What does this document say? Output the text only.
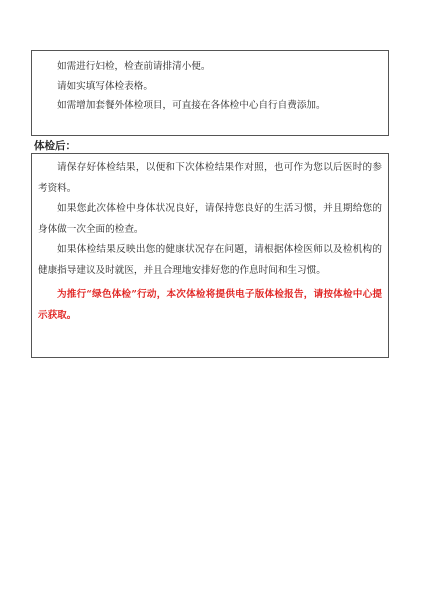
如需进行妇检，检查前请排清小便。

请如实填写体检表格。

如需增加套餐外体检项目，可直接在各体检中心自行自费添加。

体检后：

请保存好体检结果，以便和下次体检结果作对照，也可作为您以后医时的参考资料。

如果您此次体检中身体状况良好，请保持您良好的生活习惯，并且期给您的身体做一次全面的检查。

如果体检结果反映出您的健康状况存在问题，请根据体检医师以及检机构的健康指导建议及时就医，并且合理地安排好您的作息时间和生习惯。

为推行“绿色体检”行动，本次体检将提供电子版体检报告，请按体检中心提示获取。
